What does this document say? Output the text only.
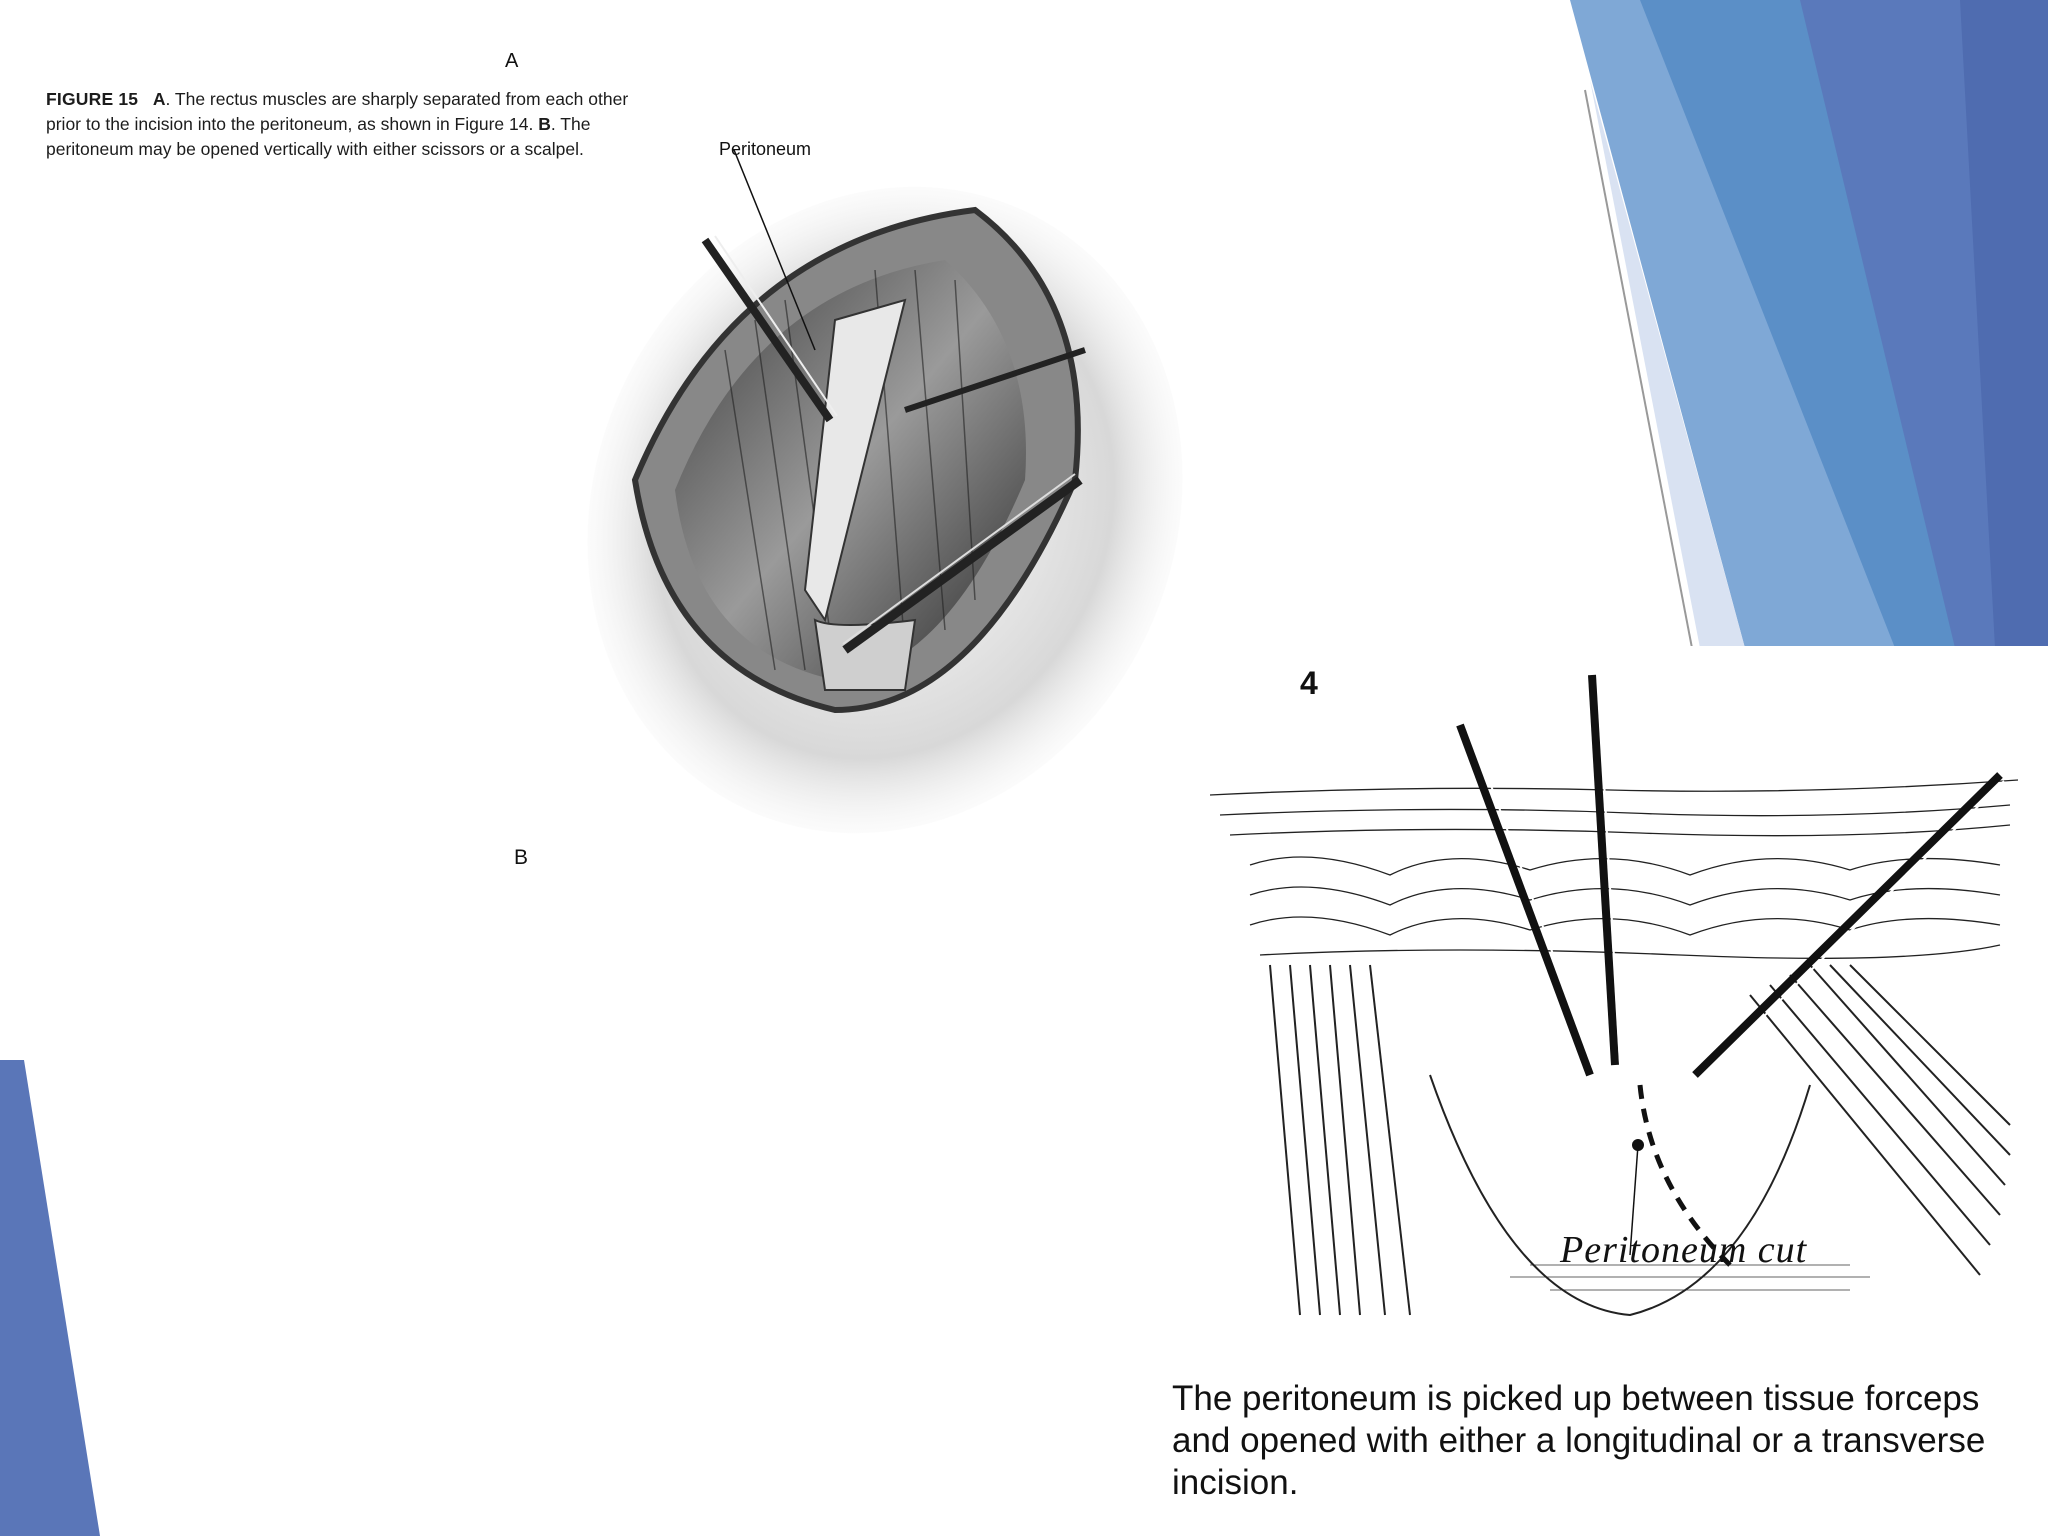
A
FIGURE 15 A. The rectus muscles are sharply separated from each other prior to the incision into the peritoneum, as shown in Figure 14. B. The peritoneum may be opened vertically with either scissors or a scalpel.	Peritoneum
B
4
Peritoneum cut
The peritoneum is picked up between tissue forceps and opened with either a longitudinal or a transverse incision.
